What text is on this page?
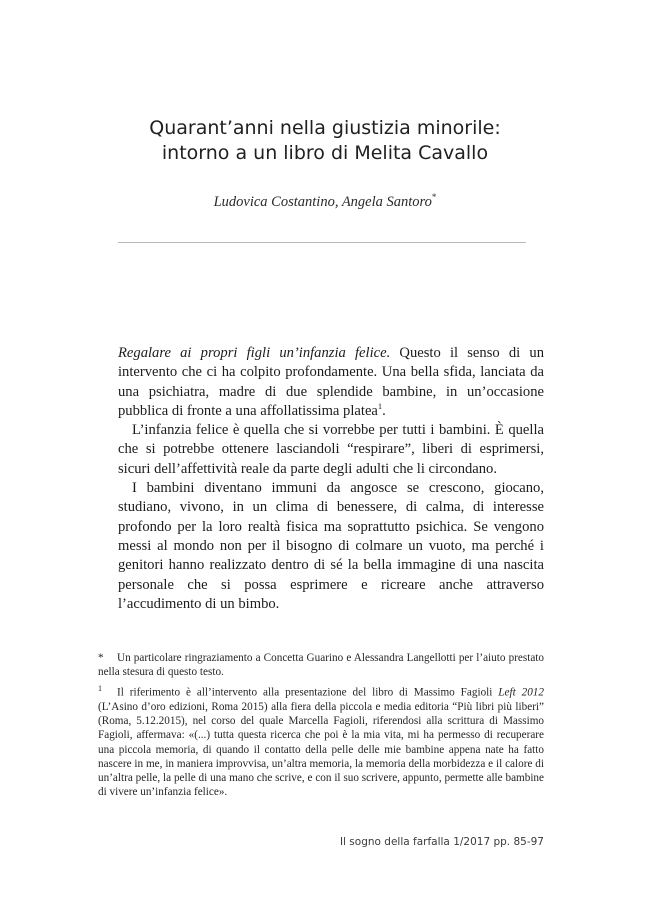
Quarant’anni nella giustizia minorile:
intorno a un libro di Melita Cavallo
Ludovica Costantino, Angela Santoro*

Regalare ai propri figli un’infanzia felice. Questo il senso di un intervento che ci ha colpito profondamente. Una bella sfida, lanciata da una psichiatra, madre di due splendide bambine, in un’occasione pubblica di fronte a una affollatissima platea$^1$.

L’infanzia felice è quella che si vorrebbe per tutti i bambini. È quella che si potrebbe ottenere lasciandoli “respirare”, liberi di esprimersi, sicuri dell’affettività reale da parte degli adulti che li circondano.

I bambini diventano immuni da angosce se crescono, giocano, studiano, vivono, in un clima di benessere, di calma, di interesse profondo per la loro realtà fisica ma soprattutto psichica. Se vengono messi al mondo non per il bisogno di colmare un vuoto, ma perché i genitori hanno realizzato dentro di sé la bella immagine di una nascita personale che si possa esprimere e ricreare anche attraverso l’accudimento di un bimbo.

* Un particolare ringraziamento a Concetta Guarino e Alessandra Langellotti per l’aiuto prestato nella stesura di questo testo.

$^1$ Il riferimento è all’intervento alla presentazione del libro di Massimo Fagioli Left 2012 (L’Asino d’oro edizioni, Roma 2015) alla fiera della piccola e media editoria “Più libri più liberi” (Roma, 5.12.2015), nel corso del quale Marcella Fagioli, riferendosi alla scrittura di Massimo Fagioli, affermava: «(...) tutta questa ricerca che poi è la mia vita, mi ha permesso di recuperare una piccola memoria, di quando il contatto della pelle delle mie bambine appena nate ha fatto nascere in me, in maniera improvvisa, un’altra memoria, la memoria della morbidezza e il calore di un’altra pelle, la pelle di una mano che scrive, e con il suo scrivere, appunto, permette alle bambine di vivere un’infanzia felice».

Il sogno della farfalla 1/2017 pp. 85-97
